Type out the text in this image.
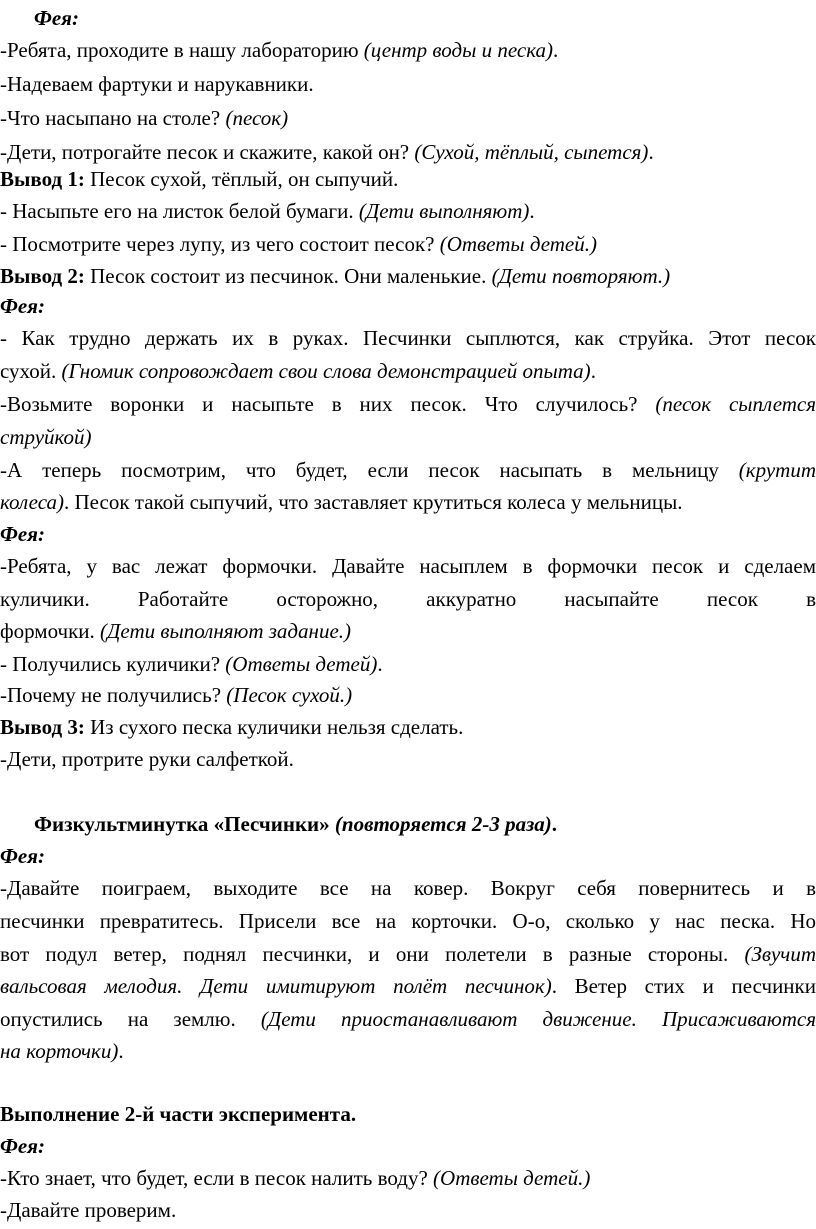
Фея:
-Ребята, проходите в нашу лабораторию (центр воды и песка).
-Надеваем фартуки и нарукавники.
-Что насыпано на столе? (песок)
-Дети, потрогайте песок и скажите, какой он? (Сухой, тёплый, сыпется).
Вывод 1: Песок сухой, тёплый, он сыпучий.
- Насыпьте его на листок белой бумаги. (Дети выполняют).
- Посмотрите через лупу, из чего состоит песок? (Ответы детей.)
Вывод 2: Песок состоит из песчинок. Они маленькие. (Дети повторяют.)
Фея:
- Как трудно держать их в руках. Песчинки сыплются, как струйка. Этот песок
сухой. (Гномик сопровождает свои слова демонстрацией опыта).
-Возьмите воронки и насыпьте в них песок. Что случилось? (песок сыплется
струйкой)
-А теперь посмотрим, что будет, если песок насыпать в мельницу (крутит
колеса). Песок такой сыпучий, что заставляет крутиться колеса у мельницы.
Фея:
-Ребята, у вас лежат формочки. Давайте насыплем в формочки песок и сделаем
куличики. Работайте осторожно, аккуратно насыпайте песок в
формочки. (Дети выполняют задание.)
- Получились куличики? (Ответы детей).
-Почему не получились? (Песок сухой.)
Вывод 3: Из сухого песка куличики нельзя сделать.
-Дети, протрите руки салфеткой.
Физкультминутка «Песчинки» (повторяется 2-3 раза).
Фея:
-Давайте поиграем, выходите все на ковер. Вокруг себя повернитесь и в
песчинки превратитесь. Присели все на корточки. О-о, сколько у нас песка. Но
вот подул ветер, поднял песчинки, и они полетели в разные стороны. (Звучит
вальсовая мелодия. Дети имитируют полёт песчинок). Ветер стих и песчинки
опустились на землю. (Дети приостанавливают движение. Присаживаются
на корточки).
Выполнение 2-й части эксперимента.
Фея:
-Кто знает, что будет, если в песок налить воду? (Ответы детей.)
-Давайте проверим.
